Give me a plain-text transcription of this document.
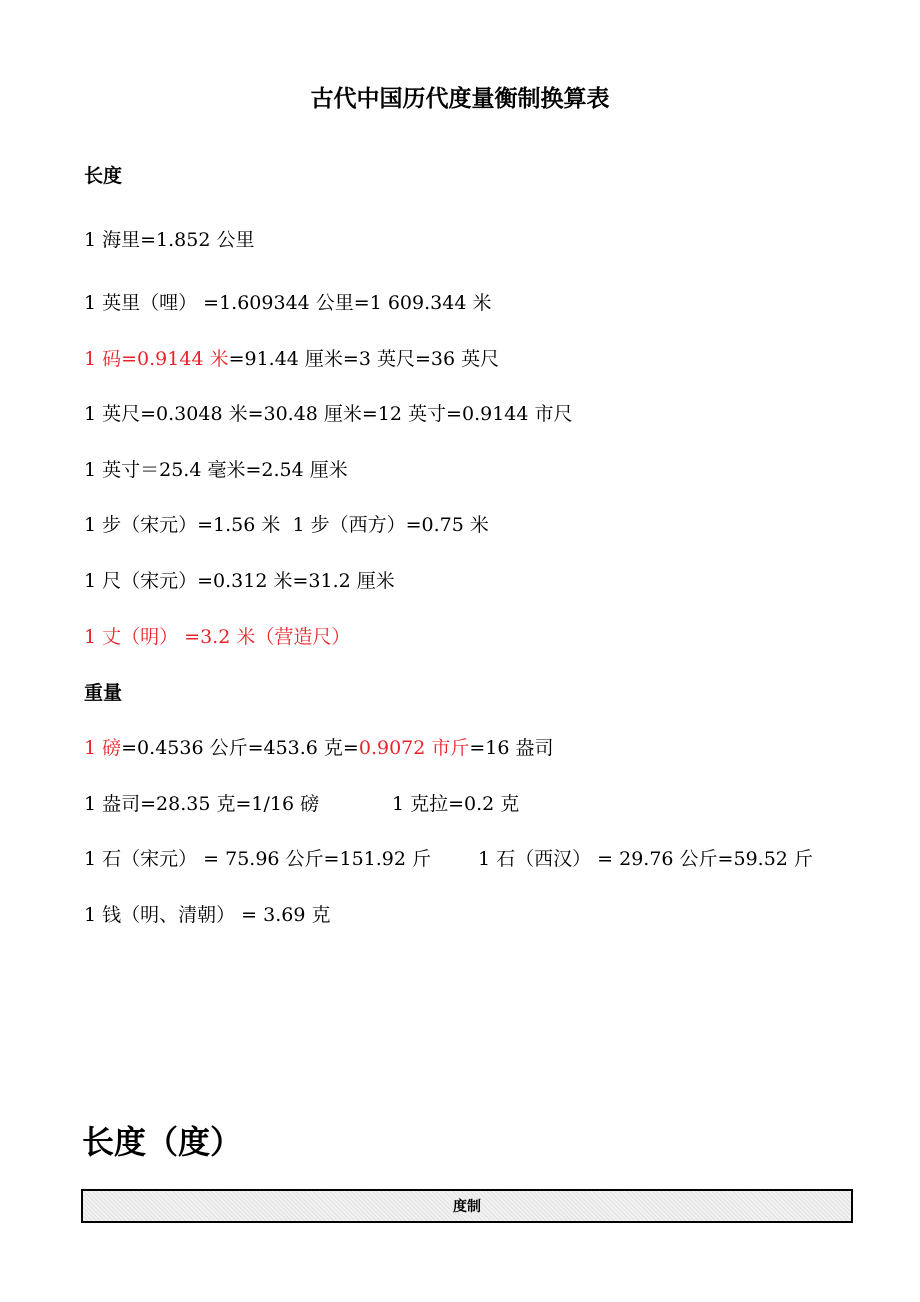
古代中国历代度量衡制换算表
长度
1 海里=1.852 公里
1 英里（哩） =1.609344 公里=1 609.344 米
1 码=0.9144 米=91.44 厘米=3 英尺=36 英尺
1 英尺=0.3048 米=30.48 厘米=12 英寸=0.9144 市尺
1 英寸＝25.4 毫米=2.54 厘米
1 步（宋元）=1.56 米  1 步（西方）=0.75 米
1 尺（宋元）=0.312 米=31.2 厘米
1 丈（明） =3.2 米（营造尺）
重量
1 磅=0.4536 公斤=453.6 克=0.9072 市斤=16 盎司
1 盎司=28.35 克=1/16 磅	1 克拉=0.2 克
1 石（宋元） = 75.96 公斤=151.92 斤 1 石（西汉） = 29.76 公斤=59.52 斤
1 钱（明、清朝） = 3.69 克
长度（度）
度制
